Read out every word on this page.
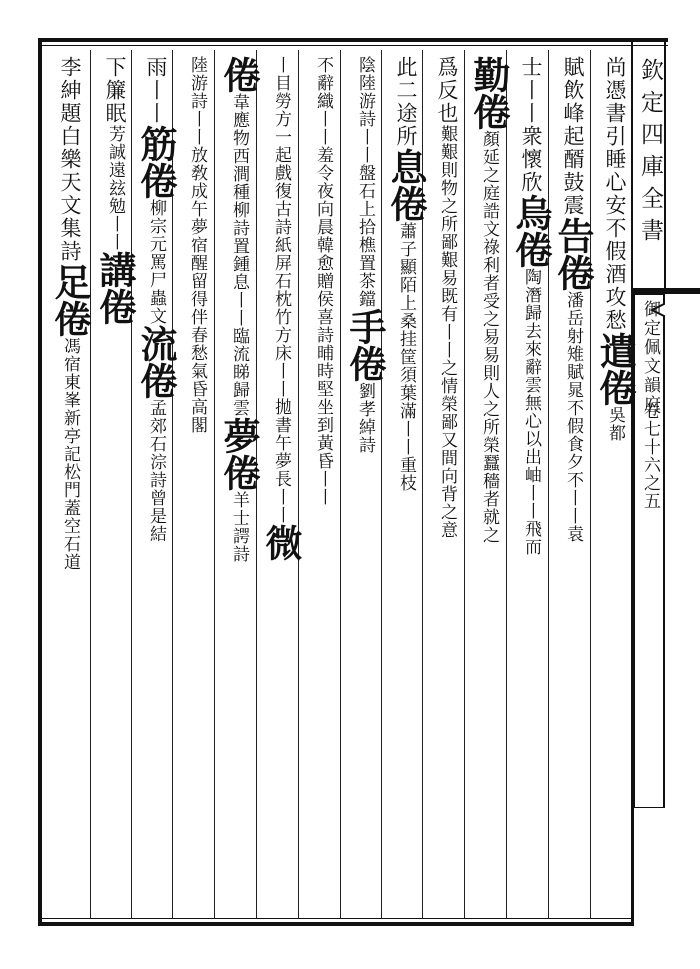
欽定四庫全書
御定佩文韻府
卷七十六之五
尚憑書引睡心安不假酒攻愁遣倦吳都
賦飲峰起醑鼓震告倦潘岳射雉賦晁不假食夕不丨丨袁
士丨丨衆懷欣烏倦陶潛歸去來辭雲無心以出岫丨丨飛而
勤倦顏延之庭誥文祿利者受之易易則人之所榮蠶穡者就之
爲反也艱艱則物之所鄙艱易既有丨丨之情榮鄙又間向背之意
此二途所息倦蕭子顯陌上桑挂筐須葉滿丨丨重枝
陰陸游詩丨丨盤石上拾樵置茶鐺手倦劉孝綽詩
不辭織丨丨羞令夜向晨韓愈贈侯喜詩晡時堅坐到黃昏丨丨
丨目勞方一起戲復古詩紙屏石枕竹方床丨丨拋書午夢長丨丨微
倦韋應物西澗種柳詩置鍾息丨丨臨流睇歸雲夢倦羊士諤詩
陸游詩丨丨放敎成午夢宿醒留得伴春愁氣昏高閣
雨丨丨筋倦柳宗元罵尸蟲文流倦孟郊石淙詩曾是結
下簾眠芳誠遠玆勉丨丨講倦
李紳題白樂天文集詩足倦馮宿東峯新亭記松門蓋空石道
